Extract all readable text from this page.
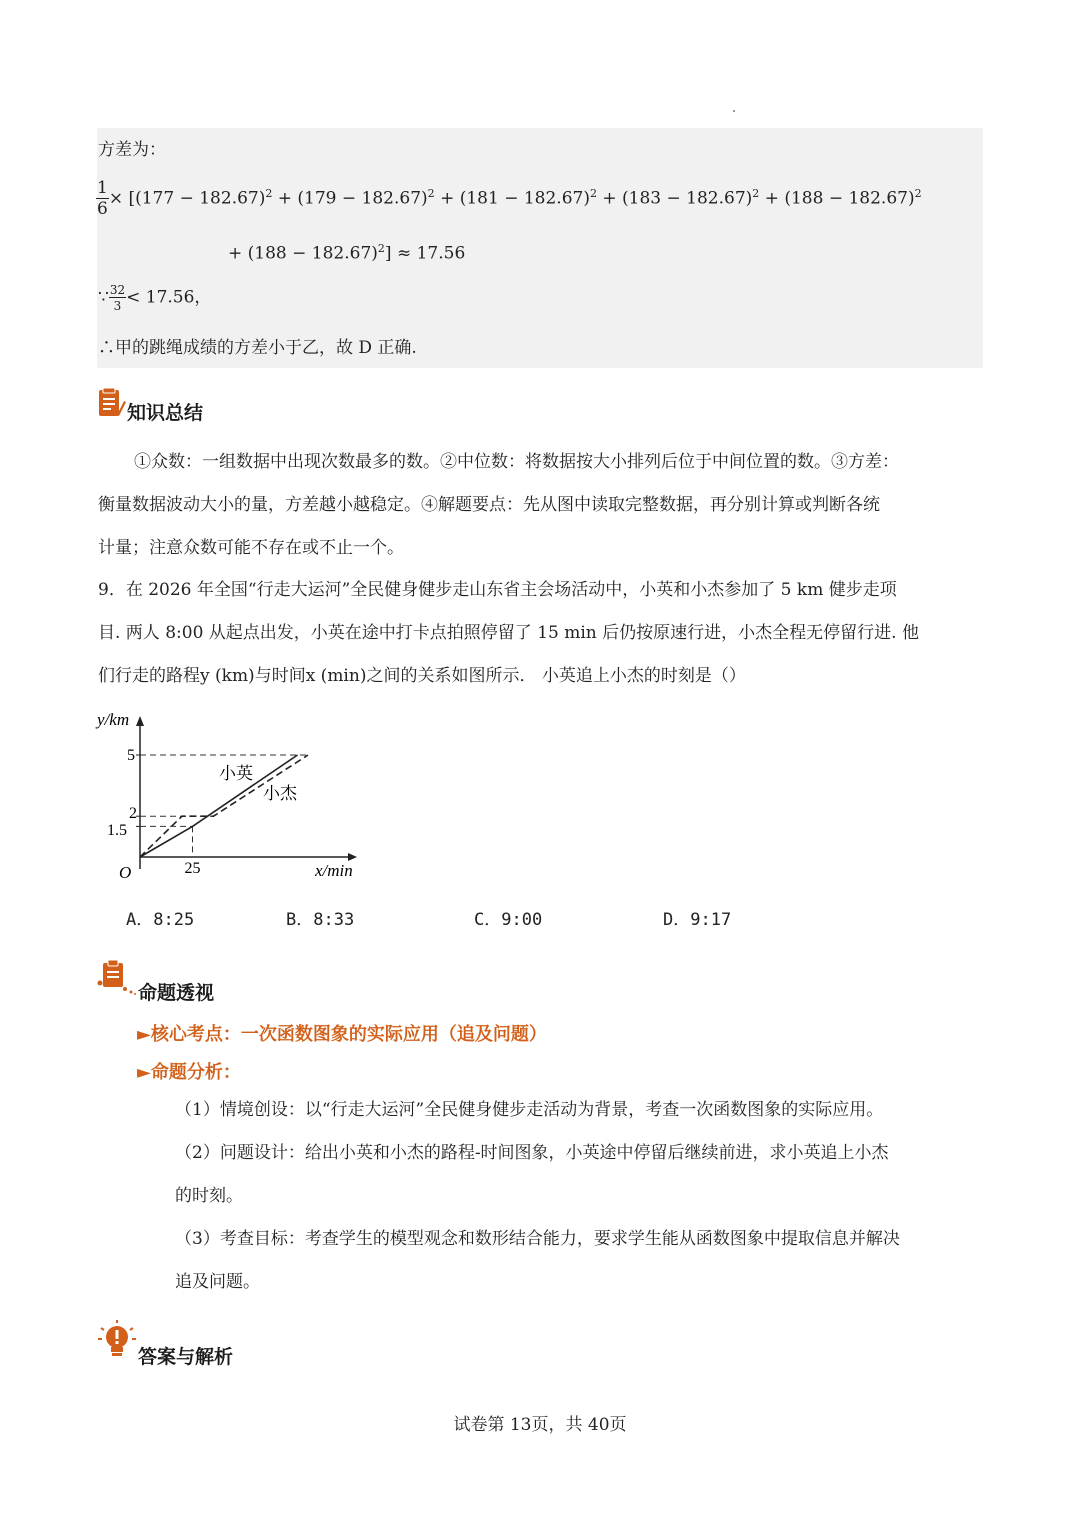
方差为：
$\frac{1}{6} \times [(177 - 182.67)^2 + (179 - 182.67)^2 + (181 - 182.67)^2 + (183 - 182.67)^2 + (188 - 182.67)^2$
+ $(188 - 182.67)^2] \approx 17.56$
∵ $\frac{32}{3} < 17.56$，
∴甲的跳绳成绩的方差小于乙，故 D 正确.
知识总结
①众数：一组数据中出现次数最多的数。②中位数：将数据按大小排列后位于中间位置的数。③方差：
衡量数据波动大小的量，方差越小越稳定。④解题要点：先从图中读取完整数据，再分别计算或判断各统
计量；注意众数可能不存在或不止一个。
9．在 2026 年全国“行走大运河”全民健身健步走山东省主会场活动中，小英和小杰参加了 5 km 健步走项
目. 两人 8:00 从起点出发，小英在途中打卡点拍照停留了 15 min 后仍按原速行进，小杰全程无停留行进. 他
们行走的路程y (km)与时间x (min)之间的关系如图所示． 小英追上小杰的时刻是（）
y/km
x/min
O
5
2
1.5
25
小英
小杰
A．8:25	B．8:33	C．9:00	D．9:17
命题透视
►核心考点：一次函数图象的实际应用（追及问题）
►命题分析：
（1）情境创设：以“行走大运河”全民健身健步走活动为背景，考查一次函数图象的实际应用。
（2）问题设计：给出小英和小杰的路程-时间图象，小英途中停留后继续前进，求小英追上小杰
的时刻。
（3）考查目标：考查学生的模型观念和数形结合能力，要求学生能从函数图象中提取信息并解决
追及问题。
答案与解析
试卷第 13页，共 40页
